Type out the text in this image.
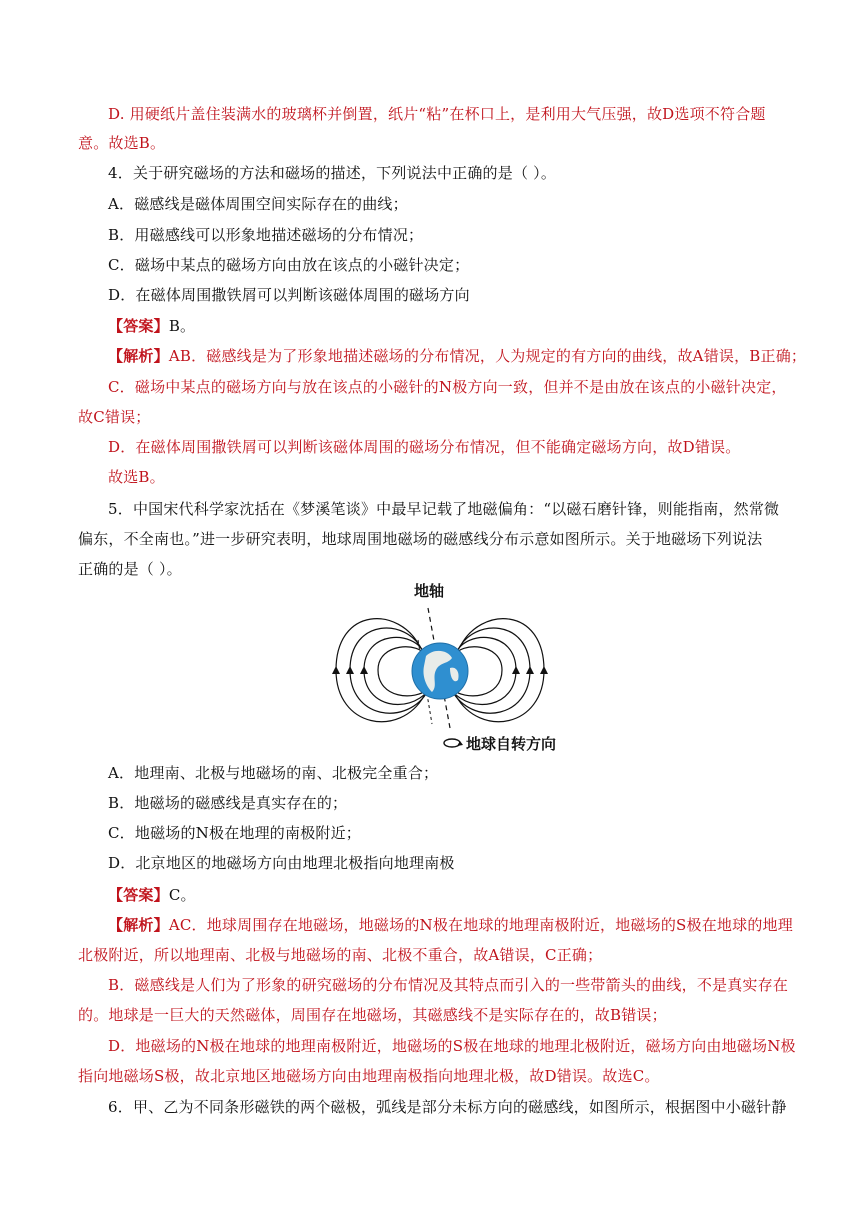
D. 用硬纸片盖住装满水的玻璃杯并倒置，纸片“粘”在杯口上，是利用大气压强，故D选项不符合题
意。故选B。
4．关于研究磁场的方法和磁场的描述，下列说法中正确的是（ ）。
A．磁感线是磁体周围空间实际存在的曲线；
B．用磁感线可以形象地描述磁场的分布情况；
C．磁场中某点的磁场方向由放在该点的小磁针决定；
D．在磁体周围撒铁屑可以判断该磁体周围的磁场方向
【答案】B。
【解析】AB．磁感线是为了形象地描述磁场的分布情况，人为规定的有方向的曲线，故A错误，B正确；
C．磁场中某点的磁场方向与放在该点的小磁针的N极方向一致，但并不是由放在该点的小磁针决定，
故C错误；
D．在磁体周围撒铁屑可以判断该磁体周围的磁场分布情况，但不能确定磁场方向，故D错误。
故选B。
5．中国宋代科学家沈括在《梦溪笔谈》中最早记载了地磁偏角：“以磁石磨针锋，则能指南，然常微
偏东，不全南也。”进一步研究表明，地球周围地磁场的磁感线分布示意如图所示。关于地磁场下列说法
正确的是（ ）。
地轴
地球自转方向
A．地理南、北极与地磁场的南、北极完全重合；
B．地磁场的磁感线是真实存在的；
C．地磁场的N极在地理的南极附近；
D．北京地区的地磁场方向由地理北极指向地理南极
【答案】C。
【解析】AC．地球周围存在地磁场，地磁场的N极在地球的地理南极附近，地磁场的S极在地球的地理
北极附近，所以地理南、北极与地磁场的南、北极不重合，故A错误，C正确；
B．磁感线是人们为了形象的研究磁场的分布情况及其特点而引入的一些带箭头的曲线，不是真实存在
的。地球是一巨大的天然磁体，周围存在地磁场，其磁感线不是实际存在的，故B错误；
D．地磁场的N极在地球的地理南极附近，地磁场的S极在地球的地理北极附近，磁场方向由地磁场N极
指向地磁场S极，故北京地区地磁场方向由地理南极指向地理北极，故D错误。故选C。
6．甲、乙为不同条形磁铁的两个磁极，弧线是部分未标方向的磁感线，如图所示，根据图中小磁针静
